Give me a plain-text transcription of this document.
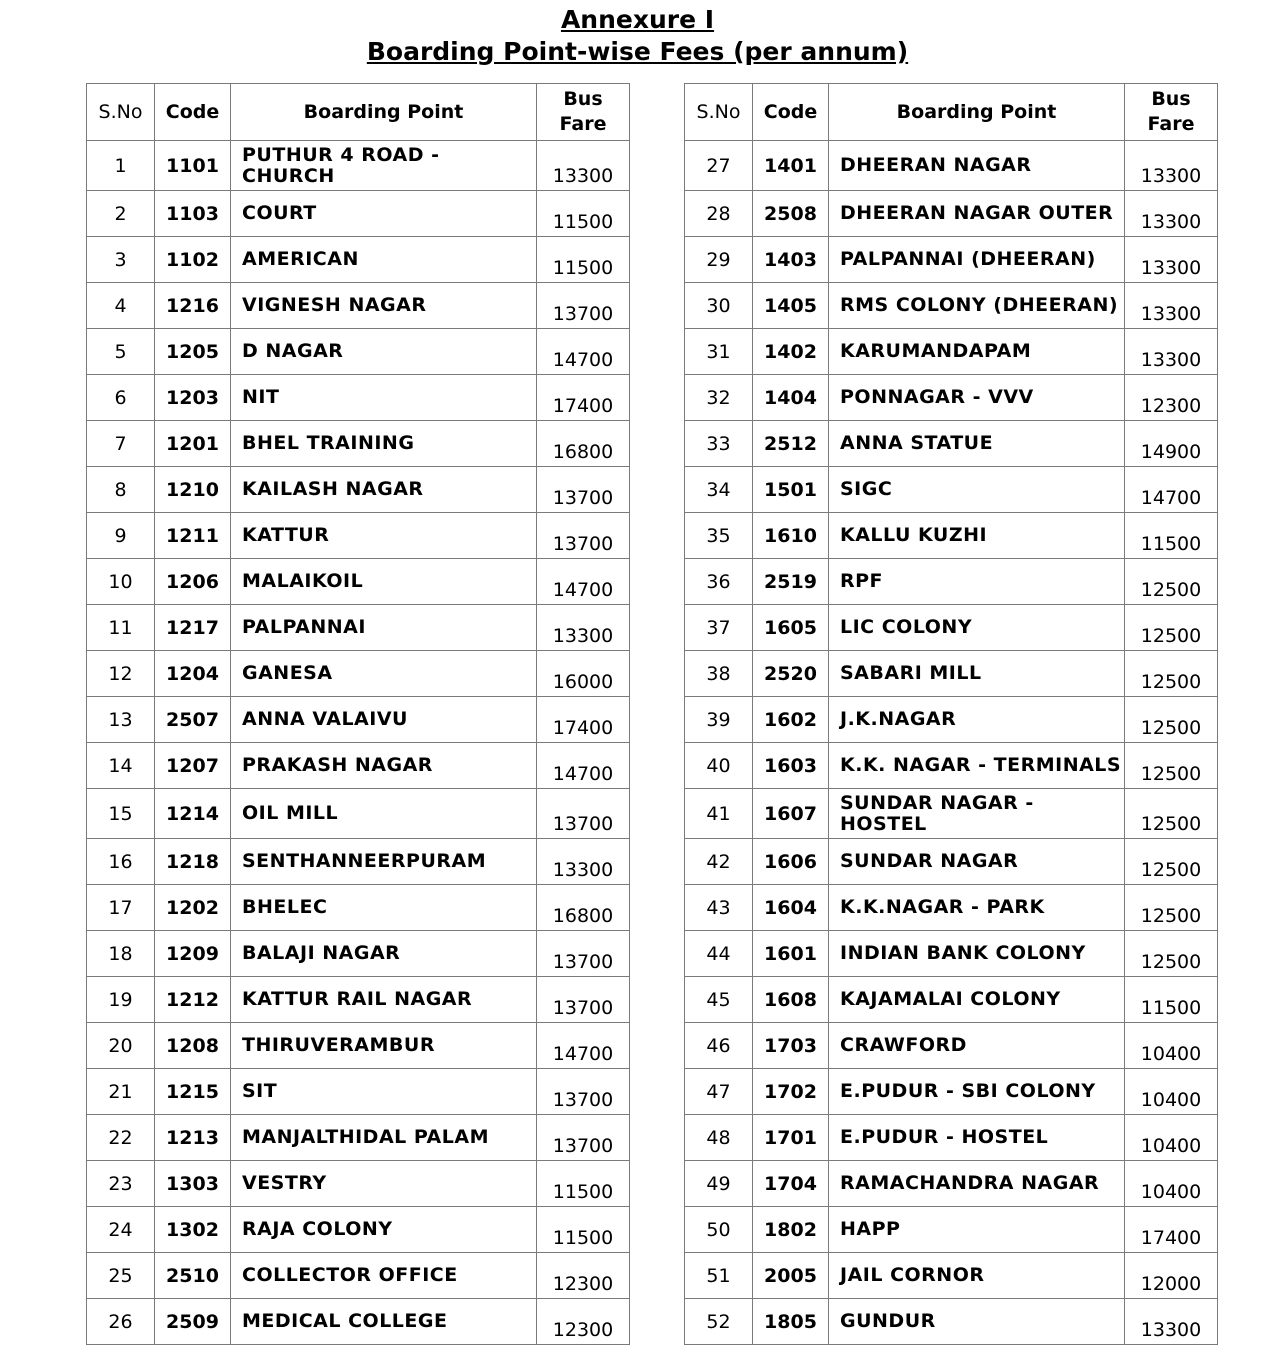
Annexure I
Boarding Point-wise Fees (per annum)
S.No	Code	Boarding Point	Bus
Fare
1	1101	PUTHUR 4 ROAD - CHURCH	13300
2	1103	COURT	11500
3	1102	AMERICAN	11500
4	1216	VIGNESH NAGAR	13700
5	1205	D NAGAR	14700
6	1203	NIT	17400
7	1201	BHEL TRAINING	16800
8	1210	KAILASH NAGAR	13700
9	1211	KATTUR	13700
10	1206	MALAIKOIL	14700
11	1217	PALPANNAI	13300
12	1204	GANESA	16000
13	2507	ANNA VALAIVU	17400
14	1207	PRAKASH NAGAR	14700
15	1214	OIL MILL	13700
16	1218	SENTHANNEERPURAM	13300
17	1202	BHELEC	16800
18	1209	BALAJI NAGAR	13700
19	1212	KATTUR RAIL NAGAR	13700
20	1208	THIRUVERAMBUR	14700
21	1215	SIT	13700
22	1213	MANJALTHIDAL PALAM	13700
23	1303	VESTRY	11500
24	1302	RAJA COLONY	11500
25	2510	COLLECTOR OFFICE	12300
26	2509	MEDICAL COLLEGE	12300
S.No	Code	Boarding Point	Bus
Fare
27	1401	DHEERAN NAGAR	13300
28	2508	DHEERAN NAGAR OUTER	13300
29	1403	PALPANNAI (DHEERAN)	13300
30	1405	RMS COLONY (DHEERAN)	13300
31	1402	KARUMANDAPAM	13300
32	1404	PONNAGAR - VVV	12300
33	2512	ANNA STATUE	14900
34	1501	SIGC	14700
35	1610	KALLU KUZHI	11500
36	2519	RPF	12500
37	1605	LIC COLONY	12500
38	2520	SABARI MILL	12500
39	1602	J.K.NAGAR	12500
40	1603	K.K. NAGAR - TERMINALS	12500
41	1607	SUNDAR NAGAR - HOSTEL	12500
42	1606	SUNDAR NAGAR	12500
43	1604	K.K.NAGAR - PARK	12500
44	1601	INDIAN BANK COLONY	12500
45	1608	KAJAMALAI COLONY	11500
46	1703	CRAWFORD	10400
47	1702	E.PUDUR - SBI COLONY	10400
48	1701	E.PUDUR - HOSTEL	10400
49	1704	RAMACHANDRA NAGAR	10400
50	1802	HAPP	17400
51	2005	JAIL CORNOR	12000
52	1805	GUNDUR	13300
